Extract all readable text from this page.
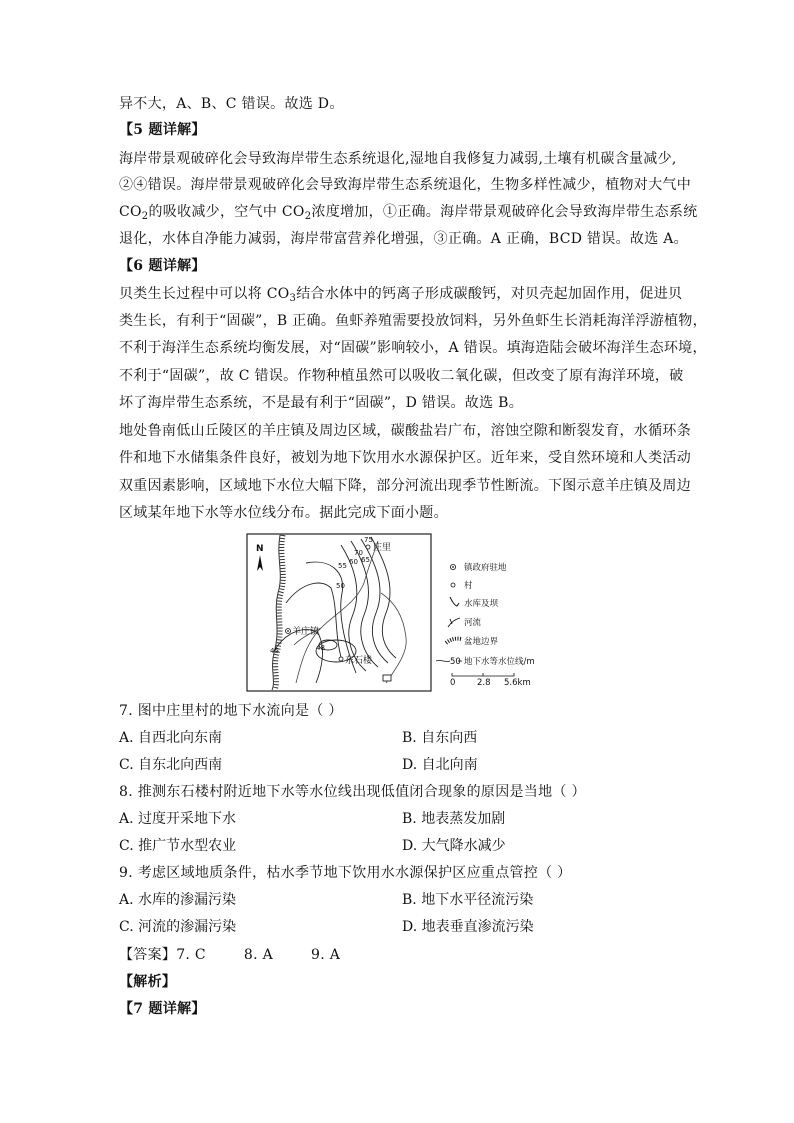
异不大，A、B、C 错误。故选 D。
【5 题详解】
海岸带景观破碎化会导致海岸带生态系统退化,湿地自我修复力减弱,土壤有机碳含量减少,
②④错误。海岸带景观破碎化会导致海岸带生态系统退化，生物多样性减少，植物对大气中
$CO_2$的吸收减少，空气中 $CO_2$浓度增加，①正确。海岸带景观破碎化会导致海岸带生态系统
退化，水体自净能力减弱，海岸带富营养化增强，③正确。A 正确，BCD 错误。故选 A。
【6 题详解】
贝类生长过程中可以将 $CO_3$结合水体中的钙离子形成碳酸钙，对贝壳起加固作用，促进贝
类生长，有利于“固碳”，B 正确。鱼虾养殖需要投放饲料，另外鱼虾生长消耗海洋浮游植物，
不利于海洋生态系统均衡发展，对“固碳”影响较小，A 错误。填海造陆会破坏海洋生态环境，
不利于“固碳”，故 C 错误。作物种植虽然可以吸收二氧化碳，但改变了原有海洋环境，破
坏了海岸带生态系统，不是最有利于“固碳”，D 错误。故选 B。
地处鲁南低山丘陵区的羊庄镇及周边区域，碳酸盐岩广布，溶蚀空隙和断裂发育，水循环条
件和地下水储集条件良好，被划为地下饮用水水源保护区。近年来，受自然环境和人类活动
双重因素影响，区域地下水位大幅下降，部分河流出现季节性断流。下图示意羊庄镇及周边
区域某年地下水等水位线分布。据此完成下面小题。
N	庄里
羊庄镇
东石楼
75
70
65
60
55
50
48
45
镇政府驻地
村
水库及坝
河流
盆地边界
50 地下水等水位线/m
0	2.8 5.6km
7. 图中庄里村的地下水流向是（ ）
A. 自西北向东南	B. 自东向西
C. 自东北向西南	D. 自北向南
8. 推测东石楼村附近地下水等水位线出现低值闭合现象的原因是当地（ ）
A. 过度开采地下水	B. 地表蒸发加剧
C. 推广节水型农业	D. 大气降水减少
9. 考虑区域地质条件，枯水季节地下饮用水水源保护区应重点管控（ ）
A. 水库的渗漏污染	B. 地下水平径流污染
C. 河流的渗漏污染	D. 地表垂直渗流污染
【答案】7. C        8. A        9. A
【解析】
【7 题详解】
